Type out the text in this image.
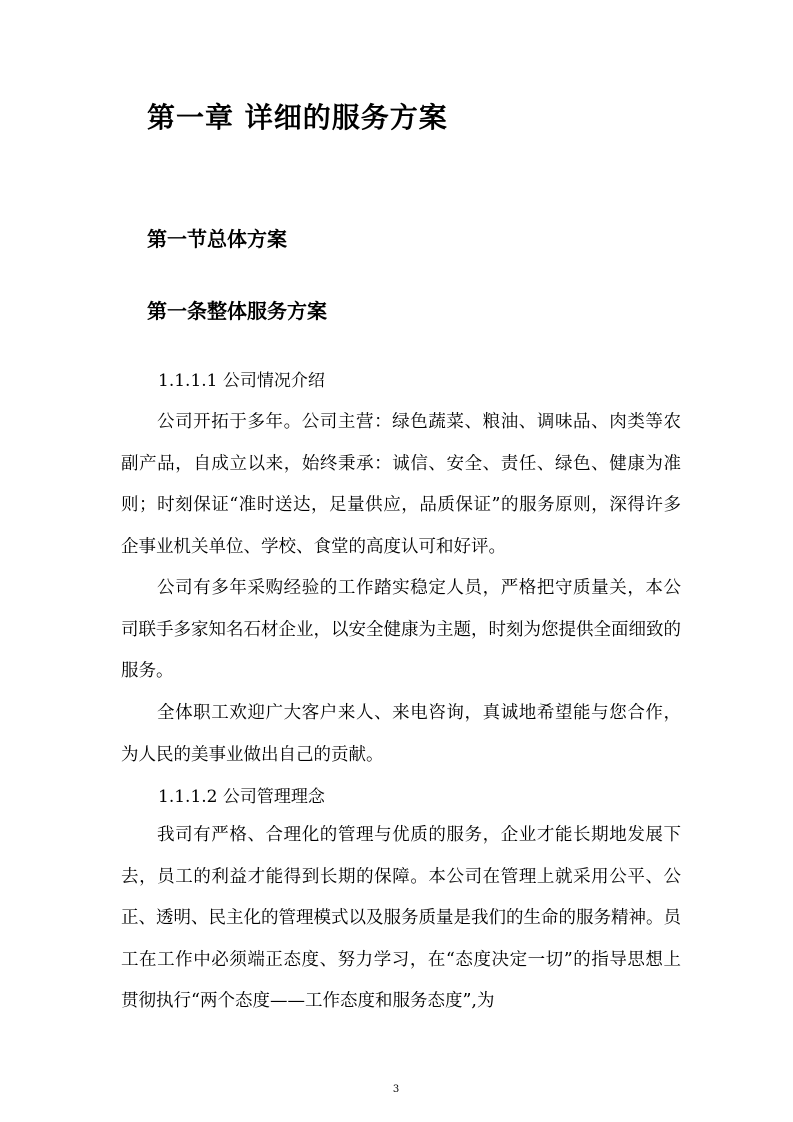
第一章 详细的服务方案
第一节总体方案
第一条整体服务方案
1.1.1.1 公司情况介绍

公司开拓于多年。公司主营：绿色蔬菜、粮油、调味品、肉类等农副产品，自成立以来，始终秉承：诚信、安全、责任、绿色、健康为准则；时刻保证“准时送达，足量供应，品质保证”的服务原则，深得许多企事业机关单位、学校、食堂的高度认可和好评。

公司有多年采购经验的工作踏实稳定人员，严格把守质量关，本公司联手多家知名石材企业，以安全健康为主题，时刻为您提供全面细致的服务。

全体职工欢迎广大客户来人、来电咨询，真诚地希望能与您合作，为人民的美事业做出自己的贡献。

1.1.1.2 公司管理理念

我司有严格、合理化的管理与优质的服务，企业才能长期地发展下去，员工的利益才能得到长期的保障。本公司在管理上就采用公平、公正、透明、民主化的管理模式以及服务质量是我们的生命的服务精神。员工在工作中必须端正态度、努力学习，在“态度决定一切”的指导思想上贯彻执行“两个态度——工作态度和服务态度”,为

3
